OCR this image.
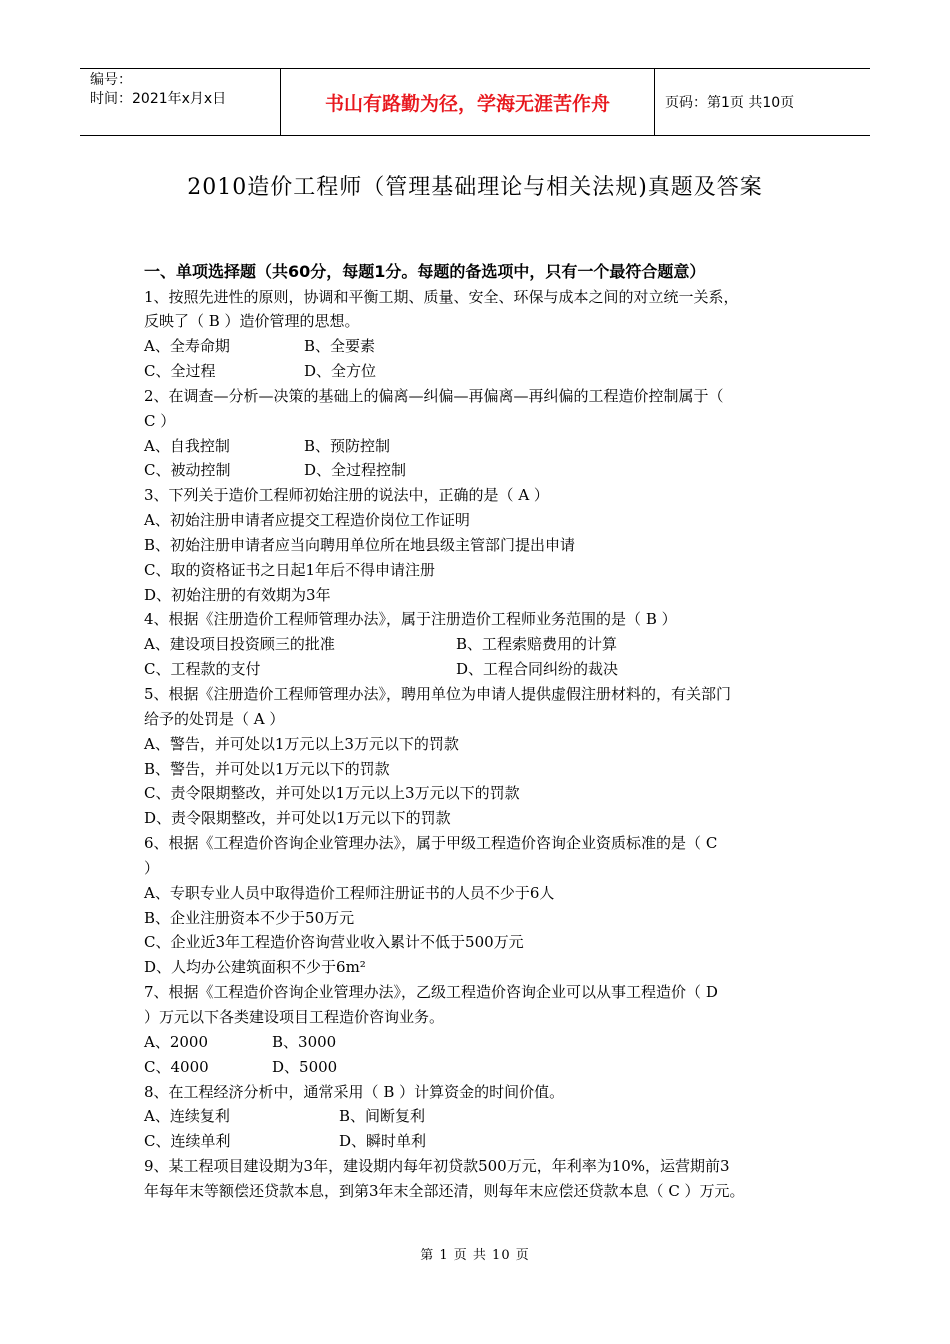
编号：
时间：2021年x月x日	书山有路勤为径，学海无涯苦作舟	页码：第1页 共10页
2010造价工程师（管理基础理论与相关法规)真题及答案
一、单项选择题（共60分，每题1分。每题的备选项中，只有一个最符合题意）
1、按照先进性的原则，协调和平衡工期、质量、安全、环保与成本之间的对立统一关系，
反映了（ B ）造价管理的思想。
A、全寿命期	B、全要素
C、全过程	D、全方位
2、在调查—分析—决策的基础上的偏离—纠偏—再偏离—再纠偏的工程造价控制属于（
C ）
A、自我控制	B、预防控制
C、被动控制	D、全过程控制
3、下列关于造价工程师初始注册的说法中，正确的是（ A ）
A、初始注册申请者应提交工程造价岗位工作证明
B、初始注册申请者应当向聘用单位所在地县级主管部门提出申请
C、取的资格证书之日起1年后不得申请注册
D、初始注册的有效期为3年
4、根据《注册造价工程师管理办法》，属于注册造价工程师业务范围的是（ B ）
A、建设项目投资顾三的批准	B、工程索赔费用的计算
C、工程款的支付	D、工程合同纠纷的裁决
5、根据《注册造价工程师管理办法》，聘用单位为申请人提供虚假注册材料的，有关部门
给予的处罚是（ A ）
A、警告，并可处以1万元以上3万元以下的罚款
B、警告，并可处以1万元以下的罚款
C、责令限期整改，并可处以1万元以上3万元以下的罚款
D、责令限期整改，并可处以1万元以下的罚款
6、根据《工程造价咨询企业管理办法》，属于甲级工程造价咨询企业资质标准的是（ C
）
A、专职专业人员中取得造价工程师注册证书的人员不少于6人
B、企业注册资本不少于50万元
C、企业近3年工程造价咨询营业收入累计不低于500万元
D、人均办公建筑面积不少于6m²
7、根据《工程造价咨询企业管理办法》，乙级工程造价咨询企业可以从事工程造价（ D
）万元以下各类建设项目工程造价咨询业务。
A、2000	B、3000
C、4000	D、5000
8、在工程经济分析中，通常采用（ B ）计算资金的时间价值。
A、连续复利	B、间断复利
C、连续单利	D、瞬时单利
9、某工程项目建设期为3年，建设期内每年初贷款500万元，年利率为10%，运营期前3
年每年末等额偿还贷款本息，到第3年末全部还清，则每年末应偿还贷款本息（ C ）万元。
第 1 页 共 10 页
